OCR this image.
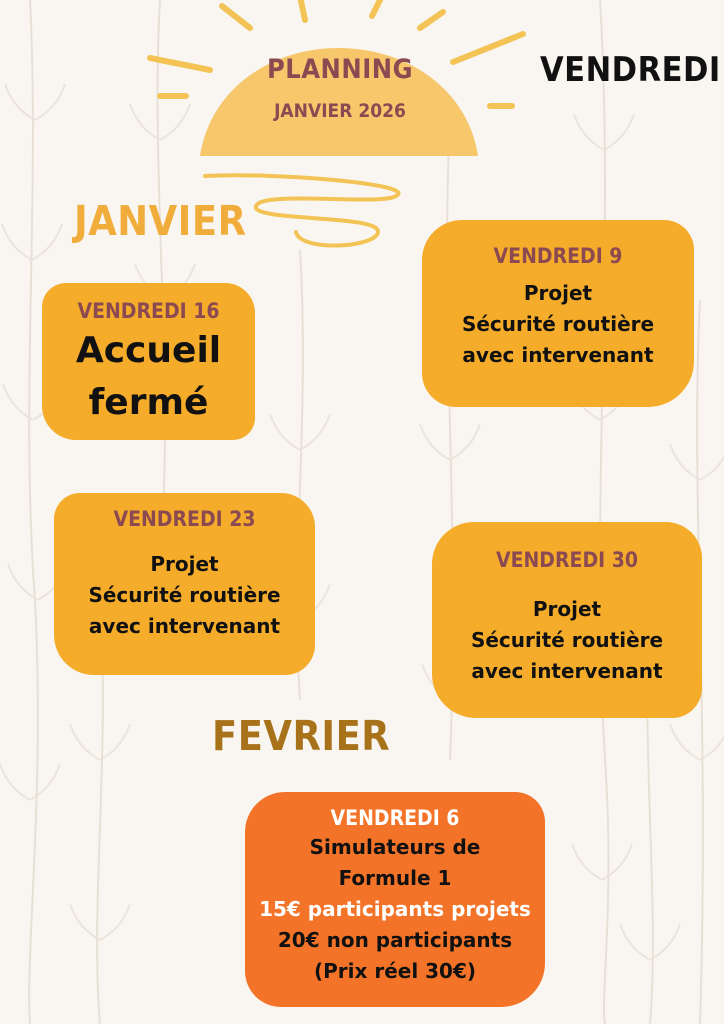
PLANNING
JANVIER 2026
VENDREDI
JANVIER
FEVRIER
VENDREDI 16
Accueil
fermé
VENDREDI 9
Projet
Sécurité routière
avec intervenant
VENDREDI 23
Projet
Sécurité routière
avec intervenant
VENDREDI 30
Projet
Sécurité routière
avec intervenant
VENDREDI 6
Simulateurs de
Formule 1
15€ participants projets
20€ non participants
(Prix réel 30€)
